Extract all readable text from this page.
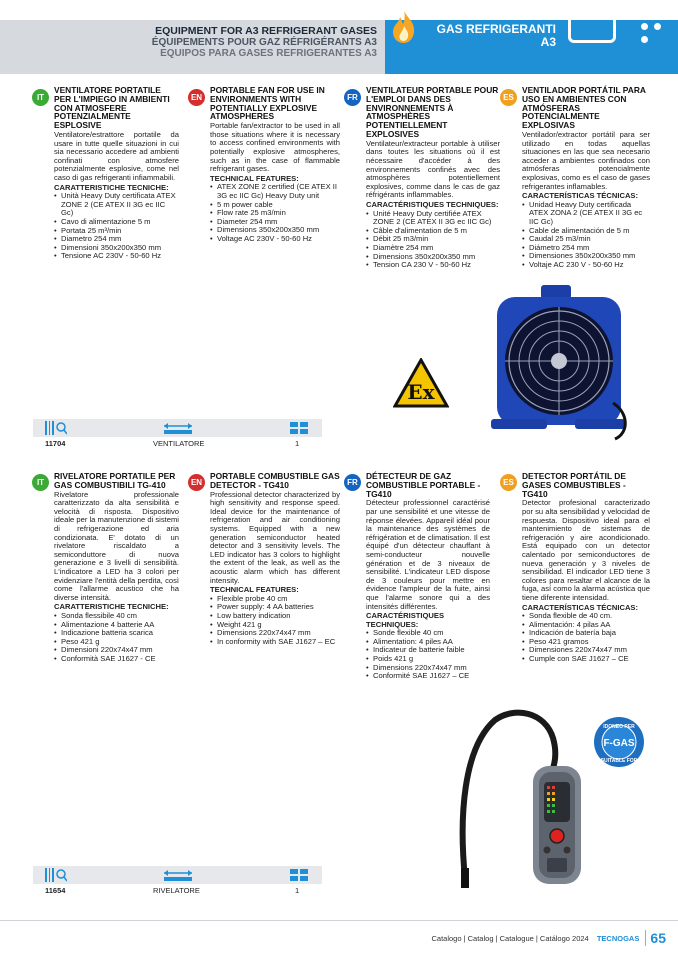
EQUIPMENT FOR A3 REFRIGERANT GASES
ÉQUIPEMENTS POUR GAZ RÉFRIGÉRANTS A3
EQUIPOS PARA GASES REFRIGERANTES A3
ATTREZZATURA PER
GAS REFRIGERANTI A3
IT
VENTILATORE PORTATILE PER L'IMPIEGO IN AMBIENTI CON ATMOSFERE POTENZIALMENTE ESPLOSIVE
Ventilatore/estrattore portatile da usare in tutte quelle situazioni in cui sia necessario accedere ad ambienti confinati con atmosfere potenzialmente esplosive, come nel caso di gas refrigeranti infiammabili.
CARATTERISTICHE TECNICHE:
• Unità Heavy Duty certificata ATEX ZONE 2 (CE ATEX II 3G ec IIC Gc)
• Cavo di alimentazione 5 m
• Portata 25 m³/min
• Diametro 254 mm
• Dimensioni 350x200x350 mm
• Tensione AC 230V - 50-60 Hz
EN
PORTABLE FAN FOR USE IN ENVIRONMENTS WITH POTENTIALLY EXPLOSIVE ATMOSPHERES
Portable fan/extractor to be used in all those situations where it is necessary to access confined environments with potentially explosive atmospheres, such as in the case of flammable refrigerant gases.
TECHNICAL FEATURES:
• ATEX ZONE 2 certified (CE ATEX II 3G ec IIC Gc) Heavy Duty unit
• 5 m power cable
• Flow rate 25 m3/min
• Diameter 254 mm
• Dimensions 350x200x350 mm
• Voltage AC 230V - 50-60 Hz
FR
VENTILATEUR PORTABLE POUR L'EMPLOI DANS DES ENVIRONNEMENTS À ATMOSPHÈRES POTENTIELLEMENT EXPLOSIVES
Ventilateur/extracteur portable à utiliser dans toutes les situations où il est nécessaire d'accéder à des environnements confinés avec des atmosphères potentiellement explosives, comme dans le cas de gaz réfrigérants inflammables.
CARACTÉRISTIQUES TECHNIQUES:
• Unité Heavy Duty certifiée ATEX ZONE 2 (CE ATEX II 3G ec IIC Gc)
• Câble d'alimentation de 5 m
• Débit 25 m3/min
• Diamètre 254 mm
• Dimensions 350x200x350 mm
• Tension CA 230 V - 50-60 Hz
ES
VENTILADOR PORTÁTIL PARA USO EN AMBIENTES CON ATMÓSFERAS POTENCIALMENTE EXPLOSIVAS
Ventilador/extractor portátil para ser utilizado en todas aquellas situaciones en las que sea necesario acceder a ambientes confinados con atmósferas potencialmente explosivas, como es el caso de gases refrigerantes inflamables.
CARACTERÍSTICAS TÉCNICAS:
• Unidad Heavy Duty certificada ATEX ZONA 2 (CE ATEX II 3G ec IIC Gc)
• Cable de alimentación de 5 m
• Caudal 25 m3/min
• Diámetro 254 mm
• Dimensiones 350x200x350 mm
• Voltaje AC 230 V - 50-60 Hz
Ex
11704	VENTILATORE	1
IT
RIVELATORE PORTATILE PER GAS COMBUSTIBILI TG-410
Rivelatore professionale caratterizzato da alta sensibilità e velocità di risposta. Dispositivo ideale per la manutenzione di sistemi di refrigerazione ed aria condizionata. E' dotato di un rivelatore riscaldato a semiconduttore di nuova generazione e 3 livelli di sensibilità. L'indicatore a LED ha 3 colori per evidenziare l'entità della perdita, così come l'allarme acustico che ha diverse intensità.
CARATTERISTICHE TECNICHE:
• Sonda flessibile 40 cm
• Alimentazione 4 batterie AA
• Indicazione batteria scarica
• Peso 421 g
• Dimensioni 220x74x47 mm
• Conformità SAE J1627 - CE
EN
PORTABLE COMBUSTIBLE GAS DETECTOR - TG410
Professional detector characterized by high sensitivity and response speed. Ideal device for the maintenance of refrigeration and air conditioning systems. Equipped with a new generation semiconductor heated detector and 3 sensitivity levels. The LED indicator has 3 colors to highlight the extent of the leak, as well as the acoustic alarm which has different intensity.
TECHNICAL FEATURES:
• Flexible probe 40 cm
• Power supply: 4 AA batteries
• Low battery indication
• Weight 421 g
• Dimensions 220x74x47 mm
• In conformity with SAE J1627 – EC
FR
DÉTECTEUR DE GAZ COMBUSTIBLE PORTABLE - TG410
Détecteur professionnel caractérisé par une sensibilité et une vitesse de réponse élevées. Appareil idéal pour la maintenance des systèmes de réfrigération et de climatisation. Il est équipé d'un détecteur chauffant à semi-conducteur nouvelle génération et de 3 niveaux de sensibilité. L'indicateur LED dispose de 3 couleurs pour mettre en évidence l'ampleur de la fuite, ainsi que l'alarme sonore qui a des intensités différentes.
CARACTÉRISTIQUES TECHNIQUES:
• Sonde flexible 40 cm
• Alimentation: 4 piles AA
• Indicateur de batterie faible
• Poids 421 g
• Dimensions 220x74x47 mm
• Conformité SAE J1627 – CE
ES
DETECTOR PORTÁTIL DE GASES COMBUSTIBLES - TG410
Detector profesional caracterizado por su alta sensibilidad y velocidad de respuesta. Dispositivo ideal para el mantenimiento de sistemas de refrigeración y aire acondicionado. Está equipado con un detector calentado por semiconductores de nueva generación y 3 niveles de sensibilidad. El indicador LED tiene 3 colores para resaltar el alcance de la fuga, así como la alarma acústica que tiene diferente intensidad.
CARACTERÍSTICAS TÉCNICAS:
• Sonda flexible de 40 cm.
• Alimentación: 4 pilas AA
• Indicación de batería baja
• Peso 421 gramos
• Dimensiones 220x74x47 mm
• Cumple con SAE J1627 – CE
IDONEO PER
F-GAS
SUITABLE FOR
11654	RIVELATORE	1
Catalogo | Catalog | Catalogue | Catálogo 2024 TECNOGAS 65
